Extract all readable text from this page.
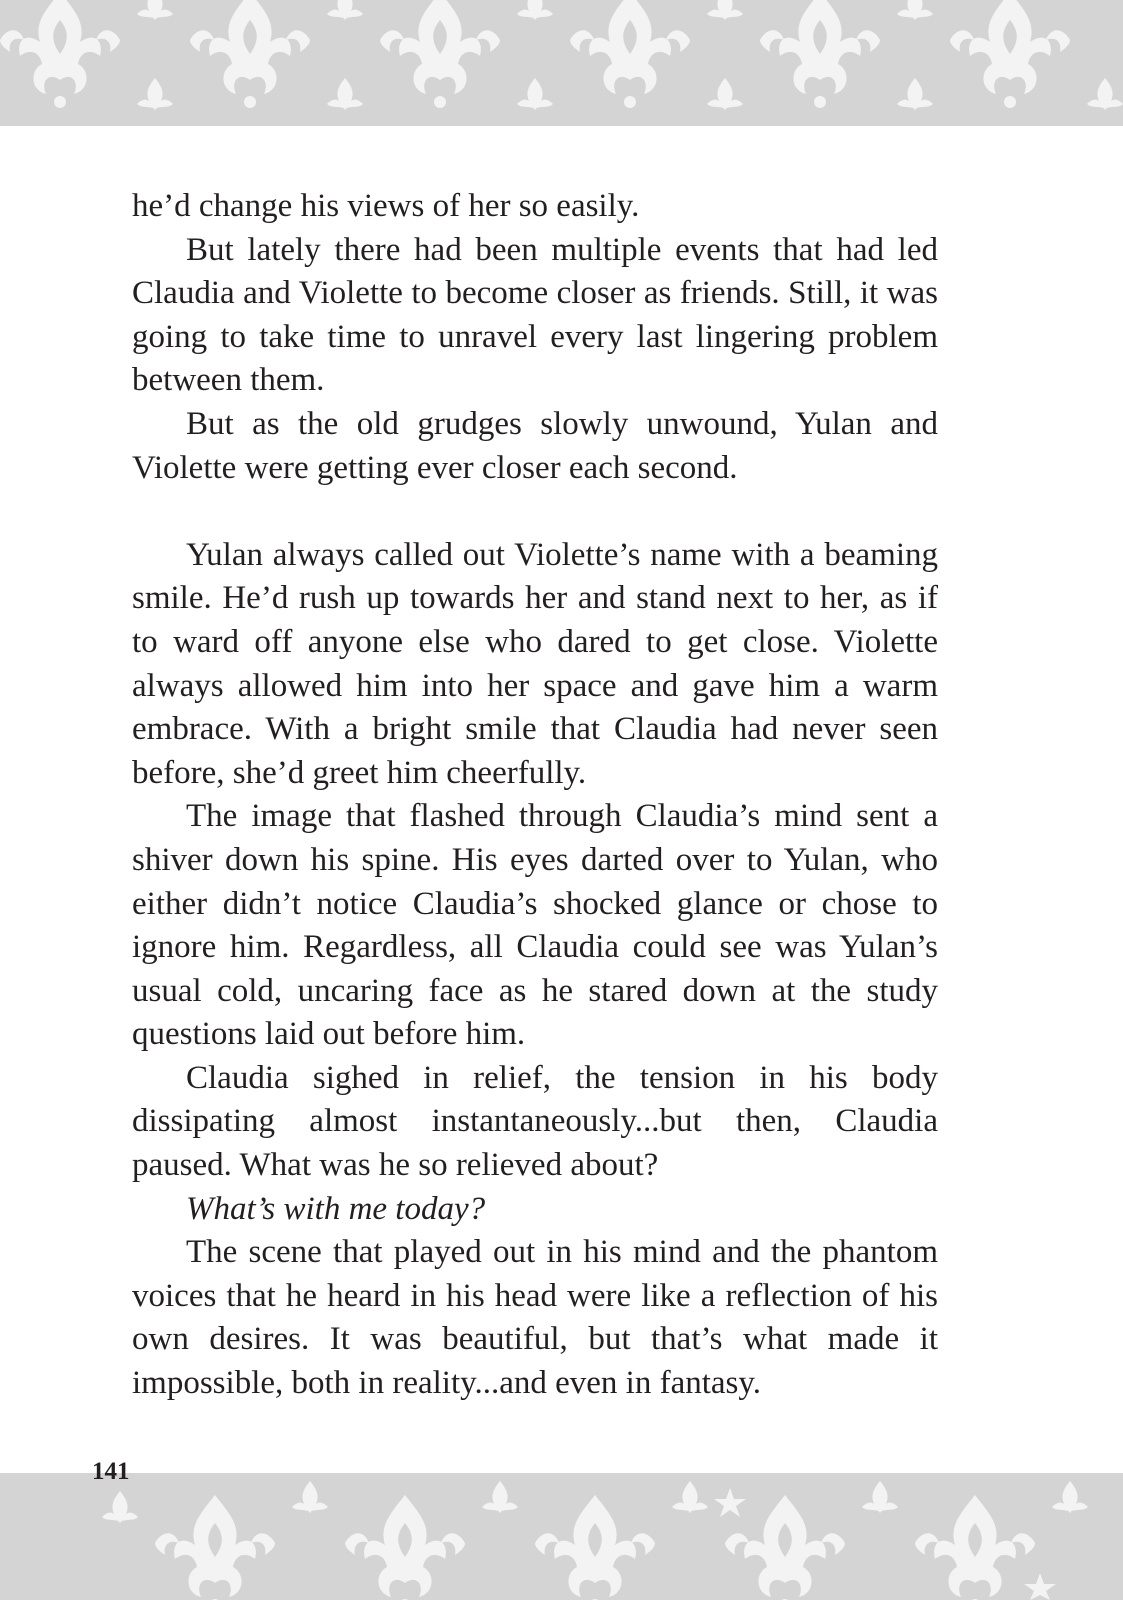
he’d change his views of her so easily.

But lately there had been multiple events that had led Claudia and Violette to become closer as friends. Still, it was going to take time to unravel every last lingering problem between them.

But as the old grudges slowly unwound, Yulan and Violette were getting ever closer each second.

Yulan always called out Violette’s name with a beaming smile. He’d rush up towards her and stand next to her, as if to ward off anyone else who dared to get close. Violette always allowed him into her space and gave him a warm embrace. With a bright smile that Claudia had never seen before, she’d greet him cheerfully.

The image that flashed through Claudia’s mind sent a shiver down his spine. His eyes darted over to Yulan, who either didn’t notice Claudia’s shocked glance or chose to ignore him. Regardless, all Claudia could see was Yulan’s usual cold, uncaring face as he stared down at the study questions laid out before him.

Claudia sighed in relief, the tension in his body dissipating almost instantaneously...but then, Claudia paused. What was he so relieved about?

What’s with me today?

The scene that played out in his mind and the phantom voices that he heard in his head were like a reflection of his own desires. It was beautiful, but that’s what made it impossible, both in reality...and even in fantasy.

141
